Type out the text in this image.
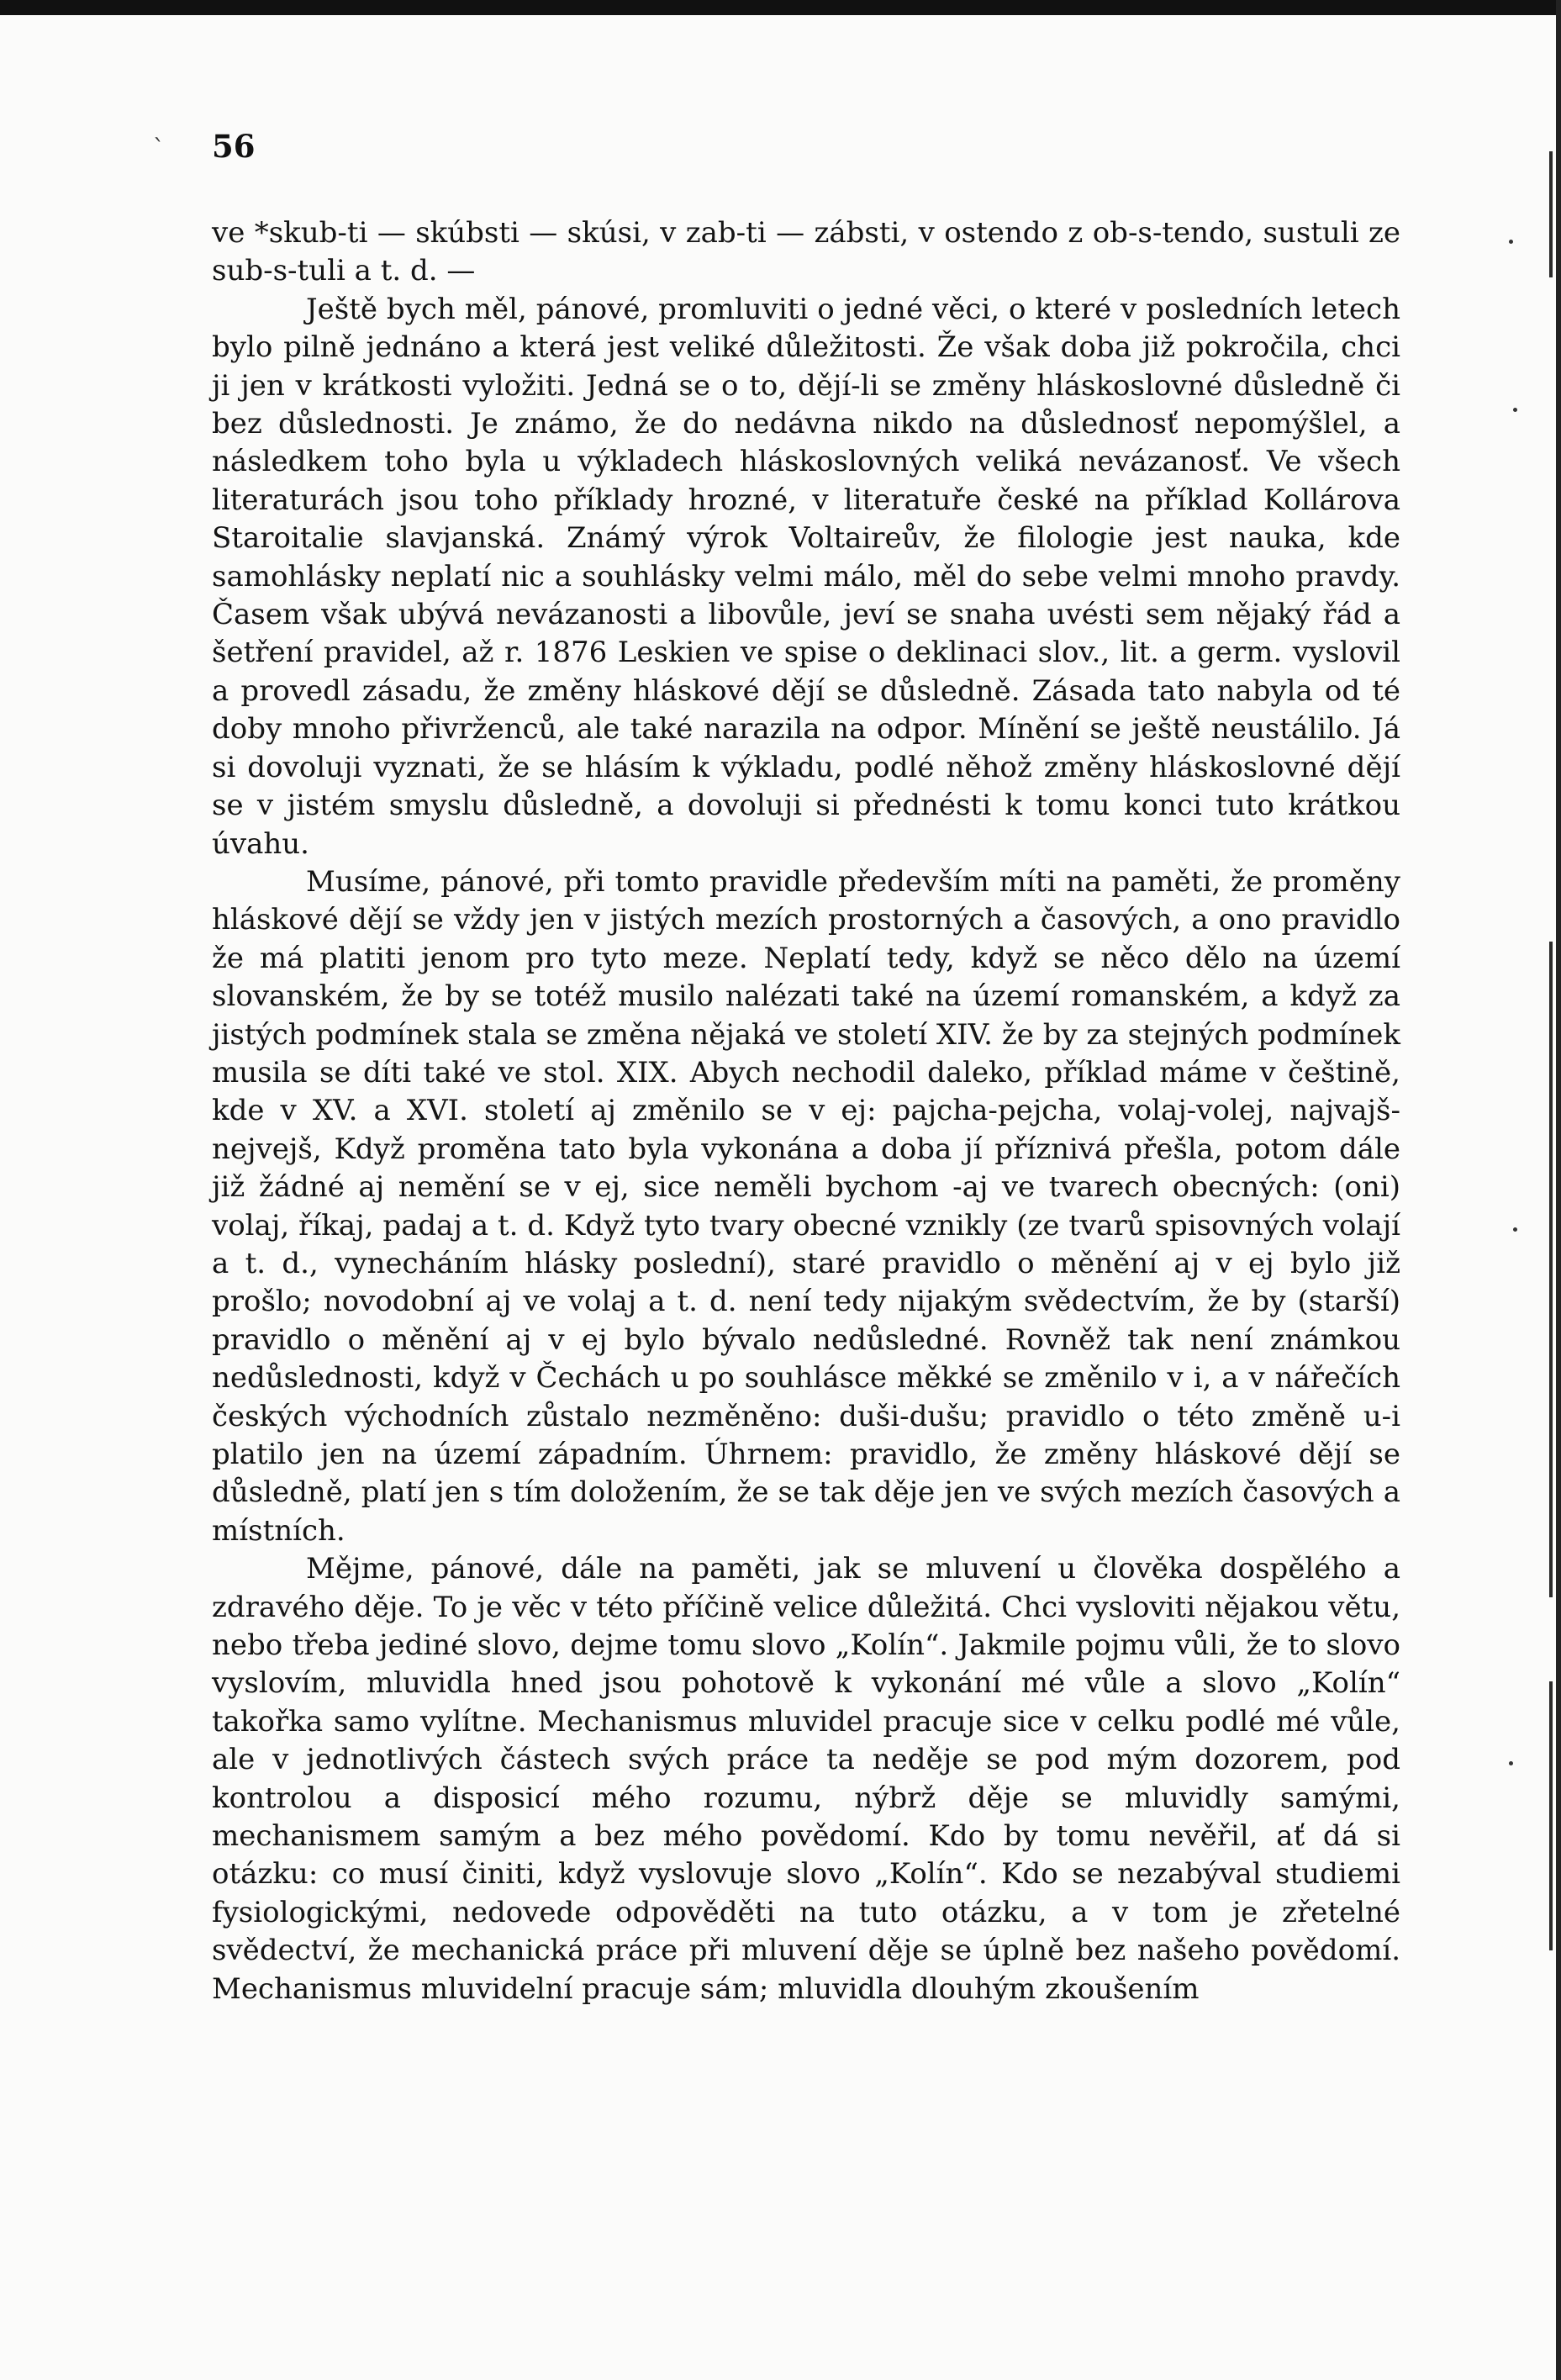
` 56

ve *skub-ti — skúbsti — skúsi, v zab-ti — zábsti, v ostendo z ob-s-tendo, sustuli ze sub-s-tuli a t. d. —

Ještě bych měl, pánové, promluviti o jedné věci, o které v posledních letech bylo pilně jednáno a která jest veliké důležitosti. Že však doba již pokročila, chci ji jen v krátkosti vyložiti. Jedná se o to, dějí-li se změny hláskoslovné důsledně či bez důslednosti. Je známo, že do nedávna nikdo na důslednosť nepomýšlel, a následkem toho byla u výkladech hláskoslovných veliká nevázanosť. Ve všech literaturách jsou toho příklady hrozné, v literatuře české na příklad Kollárova Staroitalie slavjanská. Známý výrok Voltaireův, že filologie jest nauka, kde samohlásky neplatí nic a souhlásky velmi málo, měl do sebe velmi mnoho pravdy. Časem však ubývá nevázanosti a libovůle, jeví se snaha uvésti sem nějaký řád a šetření pravidel, až r. 1876 Leskien ve spise o deklinaci slov., lit. a germ. vyslovil a provedl zásadu, že změny hláskové dějí se důsledně. Zásada tato nabyla od té doby mnoho přivrženců, ale také narazila na odpor. Mínění se ještě neustálilo. Já si dovoluji vyznati, že se hlásím k výkladu, podlé něhož změny hláskoslovné dějí se v jistém smyslu důsledně, a dovoluji si přednésti k tomu konci tuto krátkou úvahu.

Musíme, pánové, při tomto pravidle především míti na paměti, že proměny hláskové dějí se vždy jen v jistých mezích prostorných a časových, a ono pravidlo že má platiti jenom pro tyto meze. Neplatí tedy, když se něco dělo na území slovanském, že by se totéž musilo nalézati také na území romanském, a když za jistých podmínek stala se změna nějaká ve století XIV. že by za stejných podmínek musila se díti také ve stol. XIX. Abych nechodil daleko, příklad máme v češtině, kde v XV. a XVI. století aj změnilo se v ej: pajcha-pejcha, volaj-volej, najvajš-nejvejš, Když proměna tato byla vykonána a doba jí příznivá přešla, potom dále již žádné aj nemění se v ej, sice neměli bychom -aj ve tvarech obecných: (oni) volaj, říkaj, padaj a t. d. Když tyto tvary obecné vznikly (ze tvarů spisovných volají a t. d., vynecháním hlásky poslední), staré pravidlo o měnění aj v ej bylo již prošlo; novodobní aj ve volaj a t. d. není tedy nijakým svědectvím, že by (starší) pravidlo o měnění aj v ej bylo bývalo nedůsledné. Rovněž tak není známkou nedůslednosti, když v Čechách u po souhlásce měkké se změnilo v i, a v nářečích českých východních zůstalo nezměněno: duši-dušu; pravidlo o této změně u-i platilo jen na území západním. Úhrnem: pravidlo, že změny hláskové dějí se důsledně, platí jen s tím doložením, že se tak děje jen ve svých mezích časových a místních.

Mějme, pánové, dále na paměti, jak se mluvení u člověka dospělého a zdravého děje. To je věc v této příčině velice důležitá. Chci vysloviti nějakou větu, nebo třeba jediné slovo, dejme tomu slovo „Kolín“. Jakmile pojmu vůli, že to slovo vyslovím, mluvidla hned jsou pohotově k vykonání mé vůle a slovo „Kolín“ takořka samo vylítne. Mechanismus mluvidel pracuje sice v celku podlé mé vůle, ale v jednotlivých částech svých práce ta neděje se pod mým dozorem, pod kontrolou a disposicí mého rozumu, nýbrž děje se mluvidly samými, mechanismem samým a bez mého povědomí. Kdo by tomu nevěřil, ať dá si otázku: co musí činiti, když vyslovuje slovo „Kolín“. Kdo se nezabýval studiemi fysiologickými, nedovede odpověděti na tuto otázku, a v tom je zřetelné svědectví, že mechanická práce při mluvení děje se úplně bez našeho povědomí. Mechanismus mluvidelní pracuje sám; mluvidla dlouhým zkoušením
